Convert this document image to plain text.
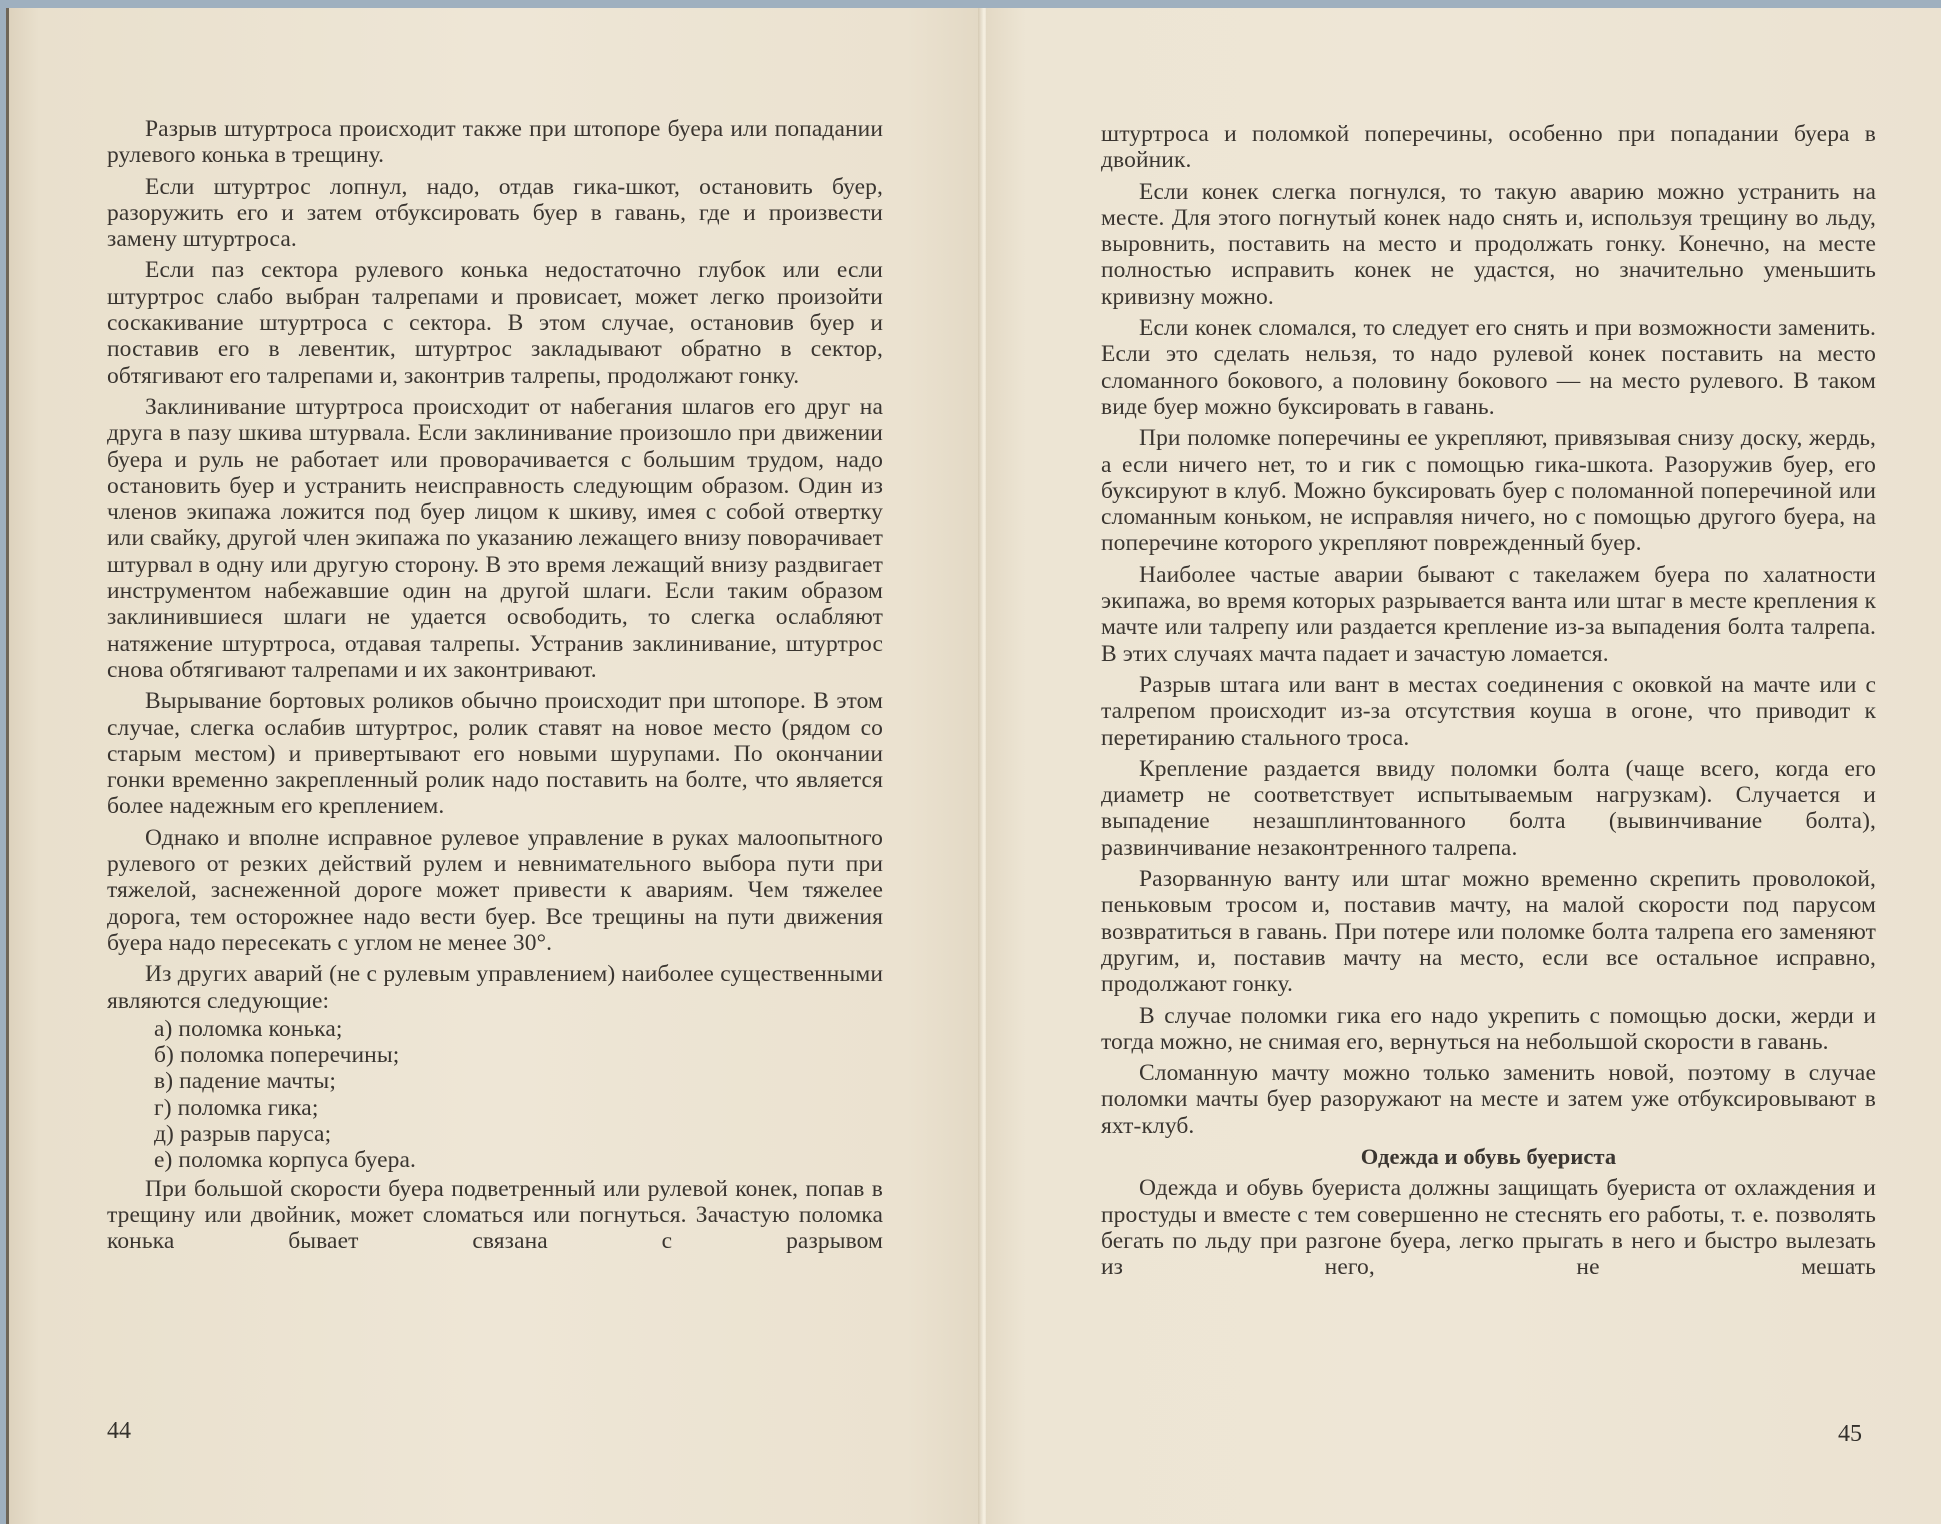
Разрыв штуртроса происходит также при штопоре буера или попадании рулевого конька в трещину.

Если штуртрос лопнул, надо, отдав гика-шкот, остановить буер, разоружить его и затем отбуксировать буер в гавань, где и произвести замену штуртроса.

Если паз сектора рулевого конька недостаточно глубок или если штуртрос слабо выбран талрепами и провисает, может легко произойти соскакивание штуртроса с сектора. В этом случае, остановив буер и поставив его в левентик, штуртрос закладывают обратно в сектор, обтягивают его талрепами и, законтрив талрепы, продолжают гонку.

Заклинивание штуртроса происходит от набегания шлагов его друг на друга в пазу шкива штурвала. Если заклинивание произошло при движении буера и руль не работает или проворачивается с большим трудом, надо остановить буер и устранить неисправность следующим образом. Один из членов экипажа ложится под буер лицом к шкиву, имея с собой отвертку или свайку, другой член экипажа по указанию лежащего внизу поворачивает штурвал в одну или другую сторону. В это время лежащий внизу раздвигает инструментом набежавшие один на другой шлаги. Если таким образом заклинившиеся шлаги не удается освободить, то слегка ослабляют натяжение штуртроса, отдавая талрепы. Устранив заклинивание, штуртрос снова обтягивают талрепами и их законтривают.

Вырывание бортовых роликов обычно происходит при штопоре. В этом случае, слегка ослабив штуртрос, ролик ставят на новое место (рядом со старым местом) и привертывают его новыми шурупами. По окончании гонки временно закрепленный ролик надо поставить на болте, что является более надежным его креплением.

Однако и вполне исправное рулевое управление в руках малоопытного рулевого от резких действий рулем и невнимательного выбора пути при тяжелой, заснеженной дороге может привести к авариям. Чем тяжелее дорога, тем осторожнее надо вести буер. Все трещины на пути движения буера надо пересекать с углом не менее 30°.

Из других аварий (не с рулевым управлением) наиболее существенными являются следующие:

а) поломка конька;
б) поломка поперечины;
в) падение мачты;
г) поломка гика;
д) разрыв паруса;
е) поломка корпуса буера.

При большой скорости буера подветренный или рулевой конек, попав в трещину или двойник, может сломаться или погнуться. Зачастую поломка конька бывает связана с разрывом

44

штуртроса и поломкой поперечины, особенно при попадании буера в двойник.

Если конек слегка погнулся, то такую аварию можно устранить на месте. Для этого погнутый конек надо снять и, используя трещину во льду, выровнить, поставить на место и продолжать гонку. Конечно, на месте полностью исправить конек не удастся, но значительно уменьшить кривизну можно.

Если конек сломался, то следует его снять и при возможности заменить. Если это сделать нельзя, то надо рулевой конек поставить на место сломанного бокового, а половину бокового — на место рулевого. В таком виде буер можно буксировать в гавань.

При поломке поперечины ее укрепляют, привязывая снизу доску, жердь, а если ничего нет, то и гик с помощью гика-шкота. Разоружив буер, его буксируют в клуб. Можно буксировать буер с поломанной поперечиной или сломанным коньком, не исправляя ничего, но с помощью другого буера, на поперечине которого укрепляют поврежденный буер.

Наиболее частые аварии бывают с такелажем буера по халатности экипажа, во время которых разрывается ванта или штаг в месте крепления к мачте или талрепу или раздается крепление из-за выпадения болта талрепа. В этих случаях мачта падает и зачастую ломается.

Разрыв штага или вант в местах соединения с оковкой на мачте или с талрепом происходит из-за отсутствия коуша в огоне, что приводит к перетиранию стального троса.

Крепление раздается ввиду поломки болта (чаще всего, когда его диаметр не соответствует испытываемым нагрузкам). Случается и выпадение незашплинтованного болта (вывинчивание болта), развинчивание незаконтренного талрепа.

Разорванную ванту или штаг можно временно скрепить проволокой, пеньковым тросом и, поставив мачту, на малой скорости под парусом возвратиться в гавань. При потере или поломке болта талрепа его заменяют другим, и, поставив мачту на место, если все остальное исправно, продолжают гонку.

В случае поломки гика его надо укрепить с помощью доски, жерди и тогда можно, не снимая его, вернуться на небольшой скорости в гавань.

Сломанную мачту можно только заменить новой, поэтому в случае поломки мачты буер разоружают на месте и затем уже отбуксировывают в яхт-клуб.

Одежда и обувь буериста

Одежда и обувь буериста должны защищать буериста от охлаждения и простуды и вместе с тем совершенно не стеснять его работы, т. е. позволять бегать по льду при разгоне буера, легко прыгать в него и быстро вылезать из него, не мешать

45
